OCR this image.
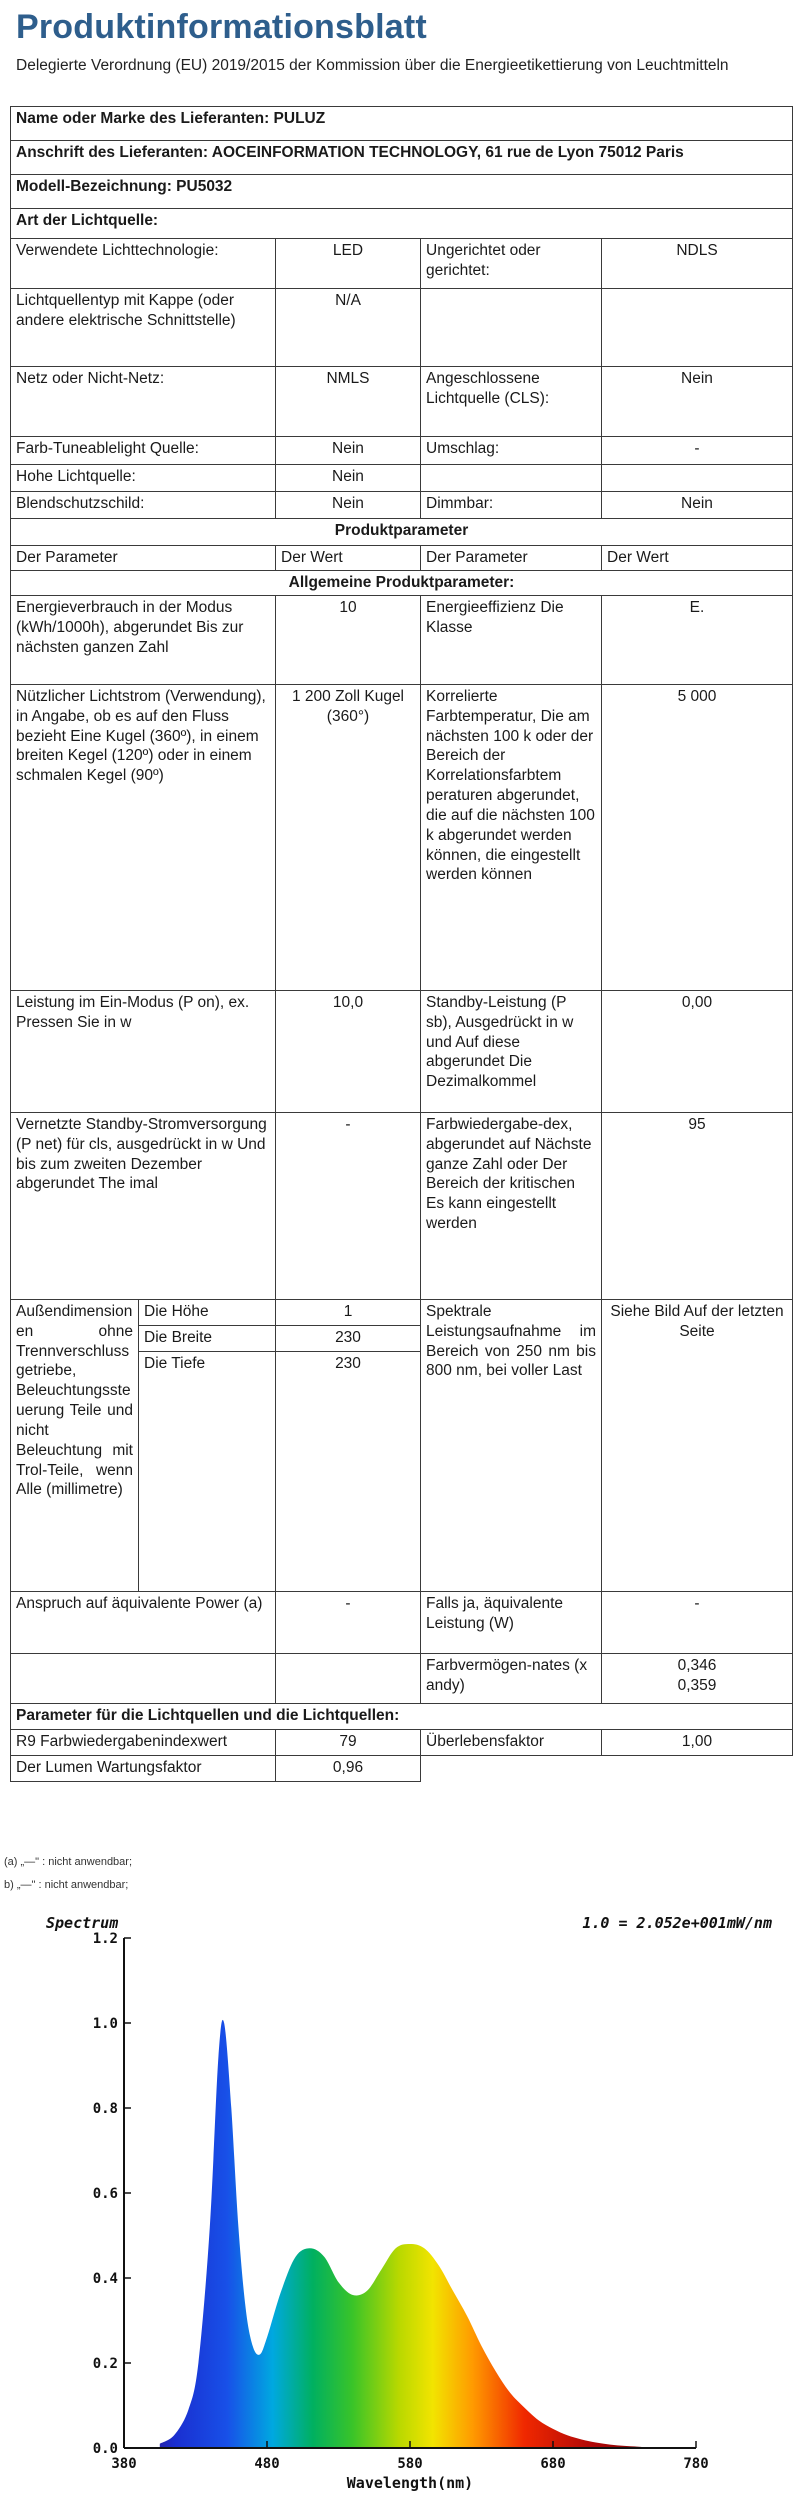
Produktinformationsblatt
Delegierte Verordnung (EU) 2019/2015 der Kommission über die Energieetikettierung von Leuchtmitteln
Name oder Marke des Lieferanten: PULUZ				
Anschrift des Lieferanten: AOCEINFORMATION TECHNOLOGY, 61 rue de Lyon 75012 Paris				
Modell-Bezeichnung: PU5032				
Art der Lichtquelle:				
Verwendete Lichttechnologie:		LED	Ungerichtet oder gerichtet:	NDLS
Lichtquellentyp mit Kappe (oder andere elektrische Schnittstelle)		N/A		
Netz oder Nicht-Netz:		NMLS	Angeschlossene Lichtquelle (CLS):	Nein
Farb-Tuneablelight Quelle:		Nein	Umschlag:	-
Hohe Lichtquelle:		Nein		
Blendschutzschild:		Nein	Dimmbar:	Nein
Produktparameter				
Der Parameter		Der Wert	Der Parameter	Der Wert
Allgemeine Produktparameter:				
Energieverbrauch in der Modus (kWh/1000h), abgerundet Bis zur nächsten ganzen Zahl		10	Energieeffizienz Die Klasse	E.
Nützlicher Lichtstrom (Verwendung), in Angabe, ob es auf den Fluss bezieht Eine Kugel (360º), in einem breiten Kegel (120º) oder in einem schmalen Kegel (90º)		1 200 Zoll Kugel (360°)	Korrelierte Farbtemperatur, Die am nächsten 100 k oder der Bereich der Korrelationsfarbtem peraturen abgerundet, die auf die nächsten 100 k abgerundet werden können, die eingestellt werden können	5 000
Leistung im Ein-Modus (P on), ex. Pressen Sie in w		10,0	Standby-Leistung (P sb), Ausgedrückt in w und Auf diese abgerundet Die Dezimalkommel	0,00
Vernetzte Standby-Stromversorgung (P net) für cls, ausgedrückt in w Und bis zum zweiten Dezember abgerundet The imal		-	Farbwiedergabe-dex, abgerundet auf Nächste ganze Zahl oder Der Bereich der kritischen Es kann eingestellt werden	95
Außendimensionen ohne Trennverschlussgetriebe, Beleuchtungssteuerung Teile und nicht Beleuchtung mit Trol-Teile, wenn Alle (millimetre)	Die Höhe	1	Spektrale Leistungsaufnahme im Bereich von 250 nm bis 800 nm, bei voller Last	Siehe Bild Auf der letzten Seite
	Die Breite	230		
	Die Tiefe	230		
Anspruch auf äquivalente Power (a)		-	Falls ja, äquivalente Leistung (W)	-
			Farbvermögen-nates (x andy)	0,346
0,359

Parameter für die Lichtquellen und die Lichtquellen:				
R9 Farbwiedergabenindexwert		79	Überlebensfaktor	1,00
Der Lumen Wartungsfaktor		0,96		
(a) „—" : nicht anwendbar;
b) „—" : nicht anwendbar;
Spectrum	1.0 = 2.052e+001mW/nm
0.0
0.2
0.4
0.6
0.8
1.0
1.2
380	480	580	680	780
Wavelength(nm)
